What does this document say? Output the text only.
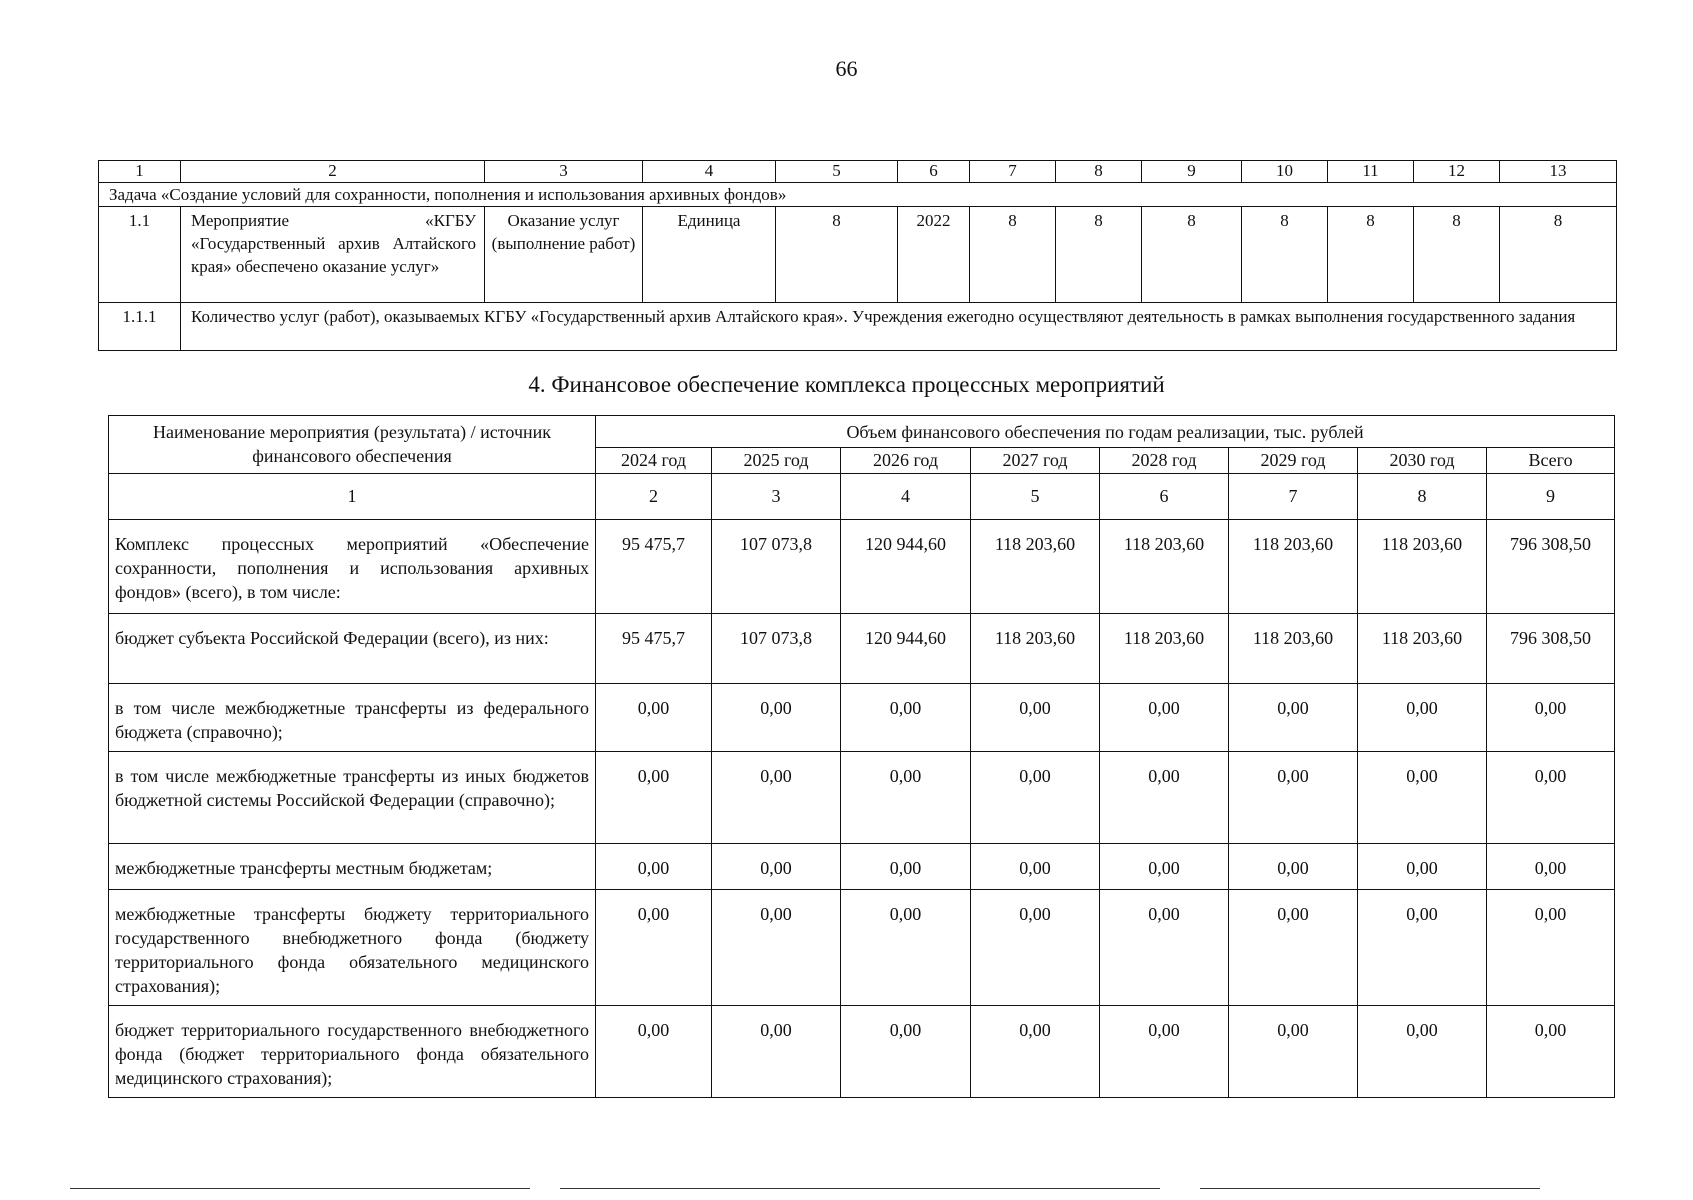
66
1	2	3	4	5	6	7	8	9	10	11	12	13
Задача «Создание условий для сохранности, пополнения и использования архивных фондов»												
1.1	Мероприятие «КГБУ «Государственный архив Алтайского края» обеспечено оказание услуг»	Оказание услуг (выполнение работ)	Единица	8	2022	8	8	8	8	8	8	8
1.1.1	Количество услуг (работ), оказываемых КГБУ «Государственный архив Алтайского края». Учреждения ежегодно осуществляют деятельность в рамках выполнения государственного задания											
4. Финансовое обеспечение комплекса процессных мероприятий
Наименование мероприятия (результата) / источник финансового обеспечения	Объем финансового обеспечения по годам реализации, тыс. рублей							
	2024 год	2025 год	2026 год	2027 год	2028 год	2029 год	2030 год	Всего
1	2	3	4	5	6	7	8	9
Комплекс процессных мероприятий «Обеспечение сохранности, пополнения и использования архивных фондов» (всего), в том числе:	95 475,7	107 073,8	120 944,60	118 203,60	118 203,60	118 203,60	118 203,60	796 308,50
бюджет субъекта Российской Федерации (всего), из них:	95 475,7	107 073,8	120 944,60	118 203,60	118 203,60	118 203,60	118 203,60	796 308,50
в том числе межбюджетные трансферты из федерального бюджета (справочно);	0,00	0,00	0,00	0,00	0,00	0,00	0,00	0,00
в том числе межбюджетные трансферты из иных бюджетов бюджетной системы Российской Федерации (справочно);	0,00	0,00	0,00	0,00	0,00	0,00	0,00	0,00
межбюджетные трансферты местным бюджетам;	0,00	0,00	0,00	0,00	0,00	0,00	0,00	0,00
межбюджетные трансферты бюджету территориального государственного внебюджетного фонда (бюджету территориального фонда обязательного медицинского страхования);	0,00	0,00	0,00	0,00	0,00	0,00	0,00	0,00
бюджет территориального государственного внебюджетного фонда (бюджет территориального фонда обязательного медицинского страхования);	0,00	0,00	0,00	0,00	0,00	0,00	0,00	0,00
